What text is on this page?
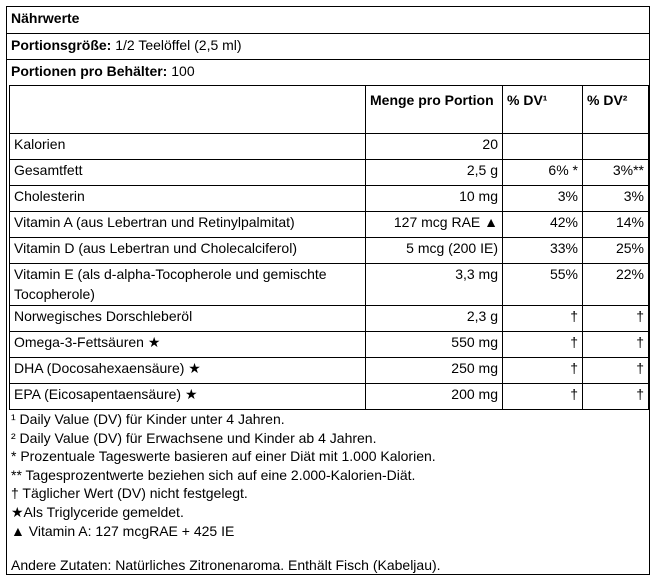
Nährwerte
Portionsgröße: 1/2 Teelöffel (2,5 ml)
Portionen pro Behälter: 100
	Menge pro Portion	% DV¹	% DV²
Kalorien	20		
Gesamtfett	2,5 g	6% *	3%**
Cholesterin	10 mg	3%	3%
Vitamin A (aus Lebertran und Retinylpalmitat)	127 mcg RAE ▲	42%	14%
Vitamin D (aus Lebertran und Cholecalciferol)	5 mcg (200 IE)	33%	25%
Vitamin E (als d-alpha-Tocopherole und gemischte Tocopherole)	3,3 mg	55%	22%
Norwegisches Dorschleberöl	2,3 g	†	†
Omega-3-Fettsäuren ★	550 mg	†	†
DHA (Docosahexaensäure) ★	250 mg	†	†
EPA (Eicosapentaensäure) ★	200 mg	†	†
¹ Daily Value (DV) für Kinder unter 4 Jahren.
² Daily Value (DV) für Erwachsene und Kinder ab 4 Jahren.
* Prozentuale Tageswerte basieren auf einer Diät mit 1.000 Kalorien.
** Tagesprozentwerte beziehen sich auf eine 2.000-Kalorien-Diät.
† Täglicher Wert (DV) nicht festgelegt.
★Als Triglyceride gemeldet.
▲ Vitamin A: 127 mcgRAE + 425 IE
Andere Zutaten: Natürliches Zitronenaroma. Enthält Fisch (Kabeljau).
